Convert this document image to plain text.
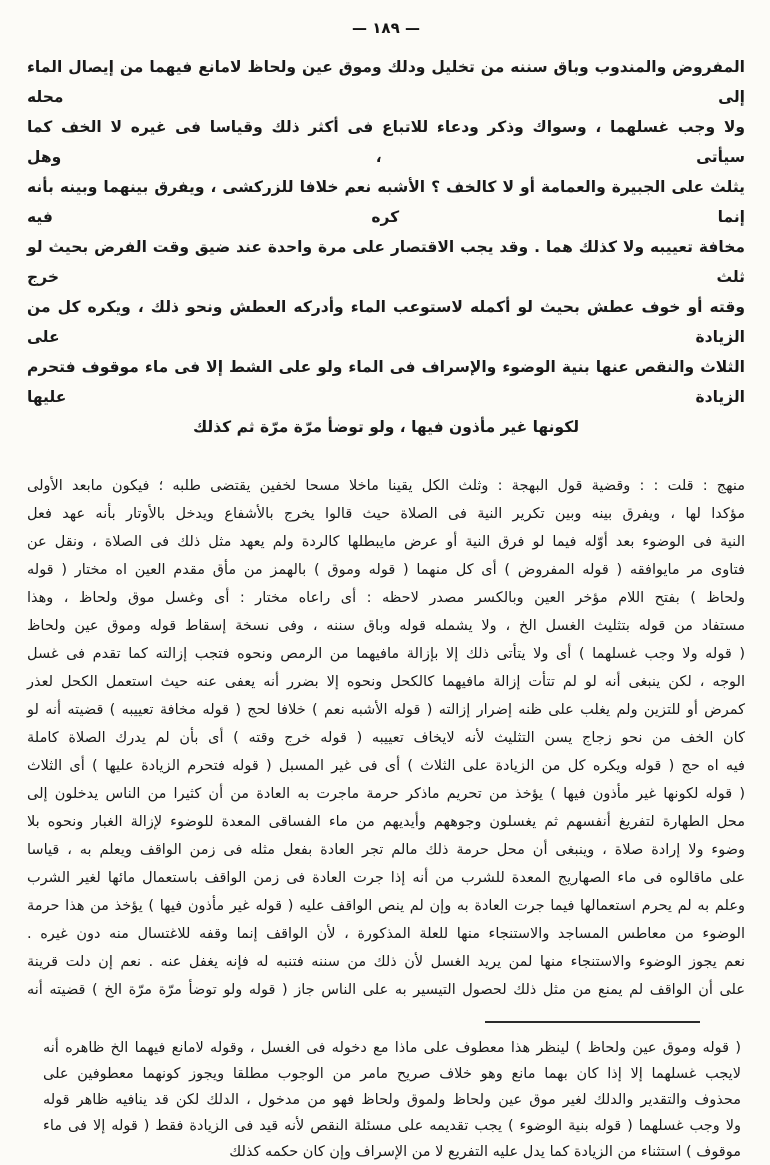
— ١٨٩ —
المفروض والمندوب وباق سننه من تخليل ودلك وموق عين ولحاظ لامانع فيهما من إيصال الماء إلى محله
ولا وجب غسلهما ، وسواك وذكر ودعاء للاتباع فى أكثر ذلك وقياسا فى غيره لا الخف كما سيأتى ، وهل
يثلث على الجبيرة والعمامة أو لا كالخف ؟ الأشبه نعم خلافا للزركشى ، ويفرق بينهما وبينه بأنه إنما كره فيه
مخافة تعييبه ولا كذلك هما . وقد يجب الاقتصار على مرة واحدة عند ضيق وقت الفرض بحيث لو ثلث خرج
وقته أو خوف عطش بحيث لو أكمله لاستوعب الماء وأدركه العطش ونحو ذلك ، ويكره كل من الزيادة على
الثلاث والنقص عنها بنية الوضوء والإسراف فى الماء ولو على الشط إلا فى ماء موقوف فتحرم الزيادة عليها
لكونها غير مأذون فيها ، ولو توضأ مرّة مرّة ثم كذلك
منهج : قلت : : وقضية قول البهجة : وثلث الكل يقينا ماخلا مسحا لخفين يقتضى طلبه ؛ فيكون مابعد الأولى
مؤكدا لها ، ويفرق بينه وبين تكرير النية فى الصلاة حيث قالوا يخرج بالأشفاع ويدخل بالأوتار بأنه عهد فعل
النية فى الوضوء بعد أوّله فيما لو فرق النية أو عرض مايبطلها كالردة ولم يعهد مثل ذلك فى الصلاة ، ونقل عن
فتاوى مر مايوافقه ( قوله المفروض ) أى كل منهما ( قوله وموق ) بالهمز من مأق مقدم العين اه مختار ( قوله
ولحاظ ) بفتح اللام مؤخر العين وبالكسر مصدر لاحظه : أى راعاه مختار : أى وغسل موق ولحاظ ، وهذا
مستفاد من قوله بتثليث الغسل الخ ، ولا يشمله قوله وباق سننه ، وفى نسخة إسقاط قوله وموق عين ولحاظ
( قوله ولا وجب غسلهما ) أى ولا يتأتى ذلك إلا بإزالة مافيهما من الرمص ونحوه فتجب إزالته كما تقدم فى غسل
الوجه ، لكن ينبغى أنه لو لم تتأت إزالة مافيهما كالكحل ونحوه إلا بضرر أنه يعفى عنه حيث استعمل الكحل لعذر
كمرض أو للتزين ولم يغلب على ظنه إضرار إزالته ( قوله الأشبه نعم ) خلافا لحج ( قوله مخافة تعييبه ) قضيته أنه لو
كان الخف من نحو زجاج يسن التثليث لأنه لايخاف تعييبه ( قوله خرج وقته ) أى بأن لم يدرك الصلاة كاملة
فيه اه حج ( قوله ويكره كل من الزيادة على الثلاث ) أى فى غير المسبل ( قوله فتحرم الزيادة عليها ) أى الثلاث
( قوله لكونها غير مأذون فيها ) يؤخذ من تحريم ماذكر حرمة ماجرت به العادة من أن كثيرا من الناس يدخلون إلى
محل الطهارة لتفريغ أنفسهم ثم يغسلون وجوههم وأيديهم من ماء الفساقى المعدة للوضوء لإزالة الغبار ونحوه بلا
وضوء ولا إرادة صلاة ، وينبغى أن محل حرمة ذلك مالم تجر العادة بفعل مثله فى زمن الواقف ويعلم به ، قياسا
على ماقالوه فى ماء الصهاريج المعدة للشرب من أنه إذا جرت العادة فى زمن الواقف باستعمال مائها لغير الشرب
وعلم به لم يحرم استعمالها فيما جرت العادة به وإن لم ينص الواقف عليه ( قوله غير مأذون فيها ) يؤخذ من هذا حرمة
الوضوء من معاطس المساجد والاستنجاء منها للعلة المذكورة ، لأن الواقف إنما وقفه للاغتسال منه دون غيره .
نعم يجوز الوضوء والاستنجاء منها لمن يريد الغسل لأن ذلك من سننه فتنبه له فإنه يغفل عنه . نعم إن دلت قرينة
على أن الواقف لم يمنع من مثل ذلك لحصول التيسير به على الناس جاز ( قوله ولو توضأ مرّة مرّة الخ ) قضيته أنه
( قوله وموق عين ولحاظ ) لينظر هذا معطوف على ماذا مع دخوله فى الغسل ، وقوله لامانع فيهما الخ ظاهره أنه
لايجب غسلهما إلا إذا كان بهما مانع وهو خلاف صريح مامر من الوجوب مطلقا ويجوز كونهما معطوفين على
محذوف والتقدير والدلك لغير موق عين ولحاظ ولموق ولحاظ فهو من مدخول ، الدلك لكن قد ينافيه ظاهر قوله
ولا وجب غسلهما ( قوله بنية الوضوء ) يجب تقديمه على مسئلة النقص لأنه قيد فى الزيادة فقط ( قوله إلا فى ماء
موقوف ) استثناء من الزيادة كما يدل عليه التفريع لا من الإسراف وإن كان حكمه كذلك
